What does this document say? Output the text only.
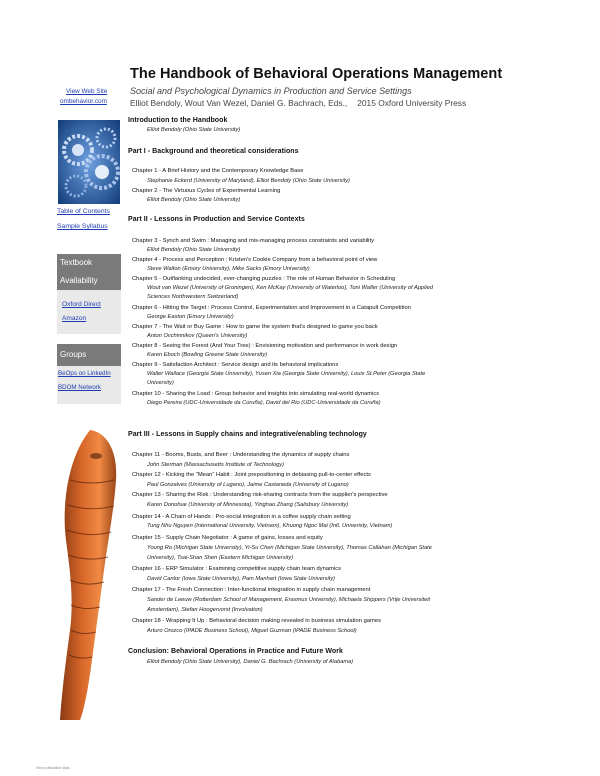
The Handbook of Behavioral Operations Management
Social and Psychological Dynamics in Production and Service Settings
Elliot Bendoly, Wout Van Wezel, Daniel G. Bachrach, Eds., 2015 Oxford University Press
View Web Site
ombehavior.com
Table of Contents
Sample Syllabus
Textbook
Availability
Oxford Direct
Amazon
Groups
BeOps on LinkedIn
BDOM Network
View publication stats
Introduction to the Handbook
Elliot Bendoly (Ohio State University)
Part I - Background and theoretical considerations
Chapter 1 - A Brief History and the Contemporary Knowledge Base
Stephanie Eckerd (University of Maryland), Elliot Bendoly (Ohio State University)
Chapter 2 - The Virtuous Cycles of Experimental Learning
Elliot Bendoly (Ohio State University)
Part II - Lessons in Production and Service Contexts
Chapter 3 - Synch and Swim : Managing and mis-managing process constraints and variability
Elliot Bendoly (Ohio State University)
Chapter 4 - Process and Perception : Kristen's Cookie Company from a behavioral point of view
Steve Walton (Emory University), Mike Sacks (Emory University)
Chapter 5 - Outflanking undecided, ever-changing puzzles : The role of Human Behavior in Scheduling
Wout van Wezel (University of Groningen), Ken McKay (University of Waterloo), Toni Wafler (University of Applied
Sciences Northwestern Switzerland)
Chapter 6 - Hitting the Target : Process Control, Experimentation and Improvement in a Catapult Competition
George Easton (Emory University)
Chapter 7 - The Wait or Buy Game : How to game the system that's designed to game you back
Anton Ovchinnikov (Queen's University)
Chapter 8 - Seeing the Forest (And Your Tree) : Envisioning motivation and performance in work design
Karen Eboch (Bowling Greene State University)
Chapter 9 - Satisfaction Architect : Service design and its behavioral implications
Walter Wallace (Georgia State University), Yusen Xia (Georgia State University), Louis St.Peter (Georgia State
University)
Chapter 10 - Sharing the Load : Group behavior and insights into simulating real-world dynamics
Diego Pereira (UDC-Universidade da Coruña), David del Rio (UDC-Universidade da Coruña)
Part III - Lessons in Supply chains and integrative/enabling technology
Chapter 11 - Booms, Busts, and Beer : Understanding the dynamics of supply chains
John Sterman (Massachusetts Institute of Technology)
Chapter 12 - Kicking the "Mean" Habit : Joint prepositioning in debiasing pull-to-center effects
Paul Gonzalves (University of Lugano), Jaime Castaneda (University of Lugano)
Chapter 13 - Sharing the Risk : Understanding risk-sharing contracts from the supplier's perspective
Karen Donohue (University of Minnesota), Yinghao Zhang (Salisbury University)
Chapter 14 - A Chain of Hands : Pro-social integration in a coffee supply chain setting
Tung Nhu Nguyen (International University, Vietnam), Khuong Ngoc Mai (Intl. Univeristy, Vietnam)
Chapter 15 - Supply Chain Negotiator : A game of gains, losses and equity
Young Ro (Michigan State University), Yi-Su Chen (Michigan State University), Thomas Callahan (Michigan State
University), Tsai-Shan Shen (Eastern Michigan University)
Chapter 16 - ERP Simulator : Examining competitive supply chain team dynamics
David Cantor (Iowa State University), Pam Manhart (Iowa State University)
Chapter 17 - The Fresh Connection : Inter-functional integration in supply chain management
Sander de Leeuw (Rotterdam School of Management, Erasmus University), Michaela Shippers (Vrije Universiteit
Amsterdam), Stefan Hoogervorst (Involvation)
Chapter 18 - Wrapping It Up : Behavioral decision making revealed in business simulation games
Arturo Orozco (IPADE Business School), Miguel Guzman (IPADE Business School)
Conclusion: Behavioral Operations in Practice and Future Work
Elliot Bendoly (Ohio State University), Daniel G. Bachrach (University of Alabama)
